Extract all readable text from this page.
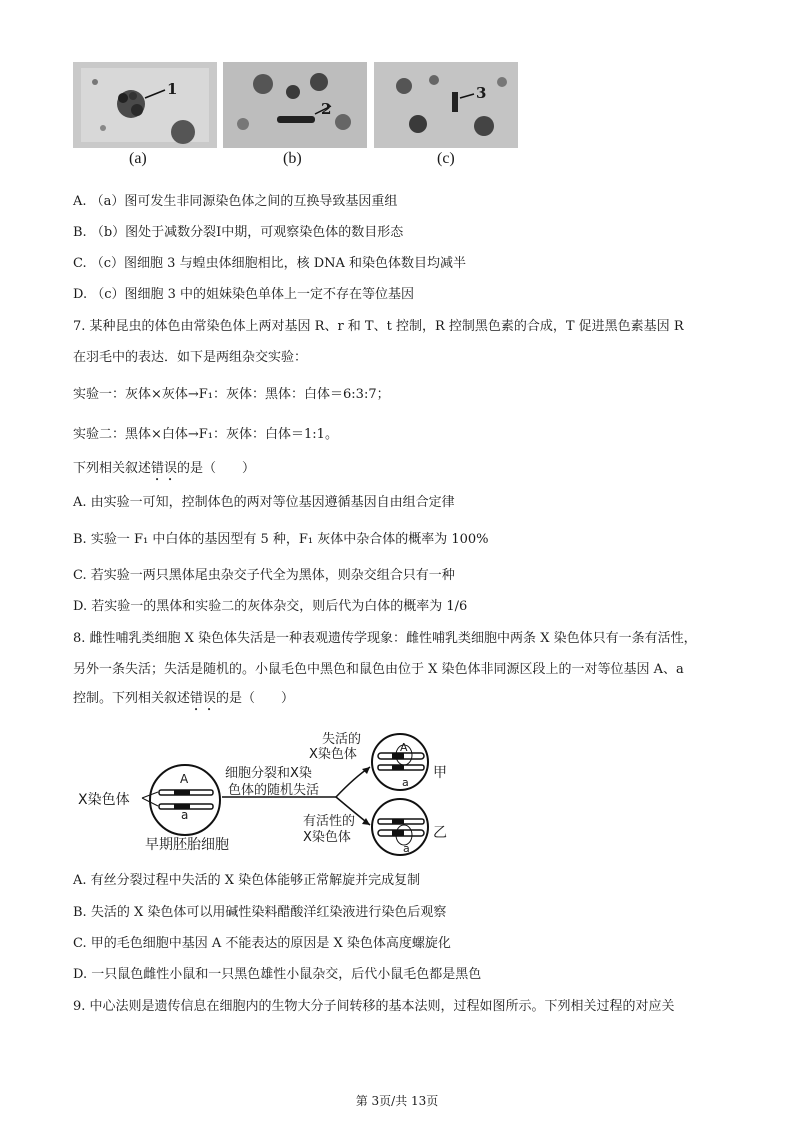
1
2
3
(a)	(b)	(c)
A. （a）图可发生非同源染色体之间的互换导致基因重组
B. （b）图处于减数分裂Ⅰ中期，可观察染色体的数目形态
C. （c）图细胞 3 与蝗虫体细胞相比，核 DNA 和染色体数目均减半
D. （c）图细胞 3 中的姐妹染色单体上一定不存在等位基因
7. 某种昆虫的体色由常染色体上两对基因 R、r 和 T、t 控制，R 控制黑色素的合成，T 促进黑色素基因 R
在羽毛中的表达．如下是两组杂交实验：
实验一：灰体×灰体→F₁：灰体：黑体：白体＝6:3:7；
实验二：黑体×白体→F₁：灰体：白体＝1:1。
下列相关叙述错误的是（　　）
A. 由实验一可知，控制体色的两对等位基因遵循基因自由组合定律
B. 实验一 F₁ 中白体的基因型有 5 种，F₁ 灰体中杂合体的概率为 100%
C. 若实验一两只黑体尾虫杂交子代全为黑体，则杂交组合只有一种
D. 若实验一的黑体和实验二的灰体杂交，则后代为白体的概率为 1/6
8. 雌性哺乳类细胞 X 染色体失活是一种表观遗传学现象：雌性哺乳类细胞中两条 X 染色体只有一条有活性，
另外一条失活；失活是随机的。小鼠毛色中黑色和鼠色由位于 X 染色体非同源区段上的一对等位基因 A、a
控制。下列相关叙述错误的是（　　）
X染色体
A
a
早期胚胎细胞
细胞分裂和X染
色体的随机失活
失活的
X染色体	A
a
甲
有活性的
X染色体
a
乙
A. 有丝分裂过程中失活的 X 染色体能够正常解旋并完成复制
B. 失活的 X 染色体可以用碱性染料醋酸洋红染液进行染色后观察
C. 甲的毛色细胞中基因 A 不能表达的原因是 X 染色体高度螺旋化
D. 一只鼠色雌性小鼠和一只黑色雄性小鼠杂交，后代小鼠毛色都是黑色
9. 中心法则是遗传信息在细胞内的生物大分子间转移的基本法则，过程如图所示。下列相关过程的对应关
第 3页/共 13页
